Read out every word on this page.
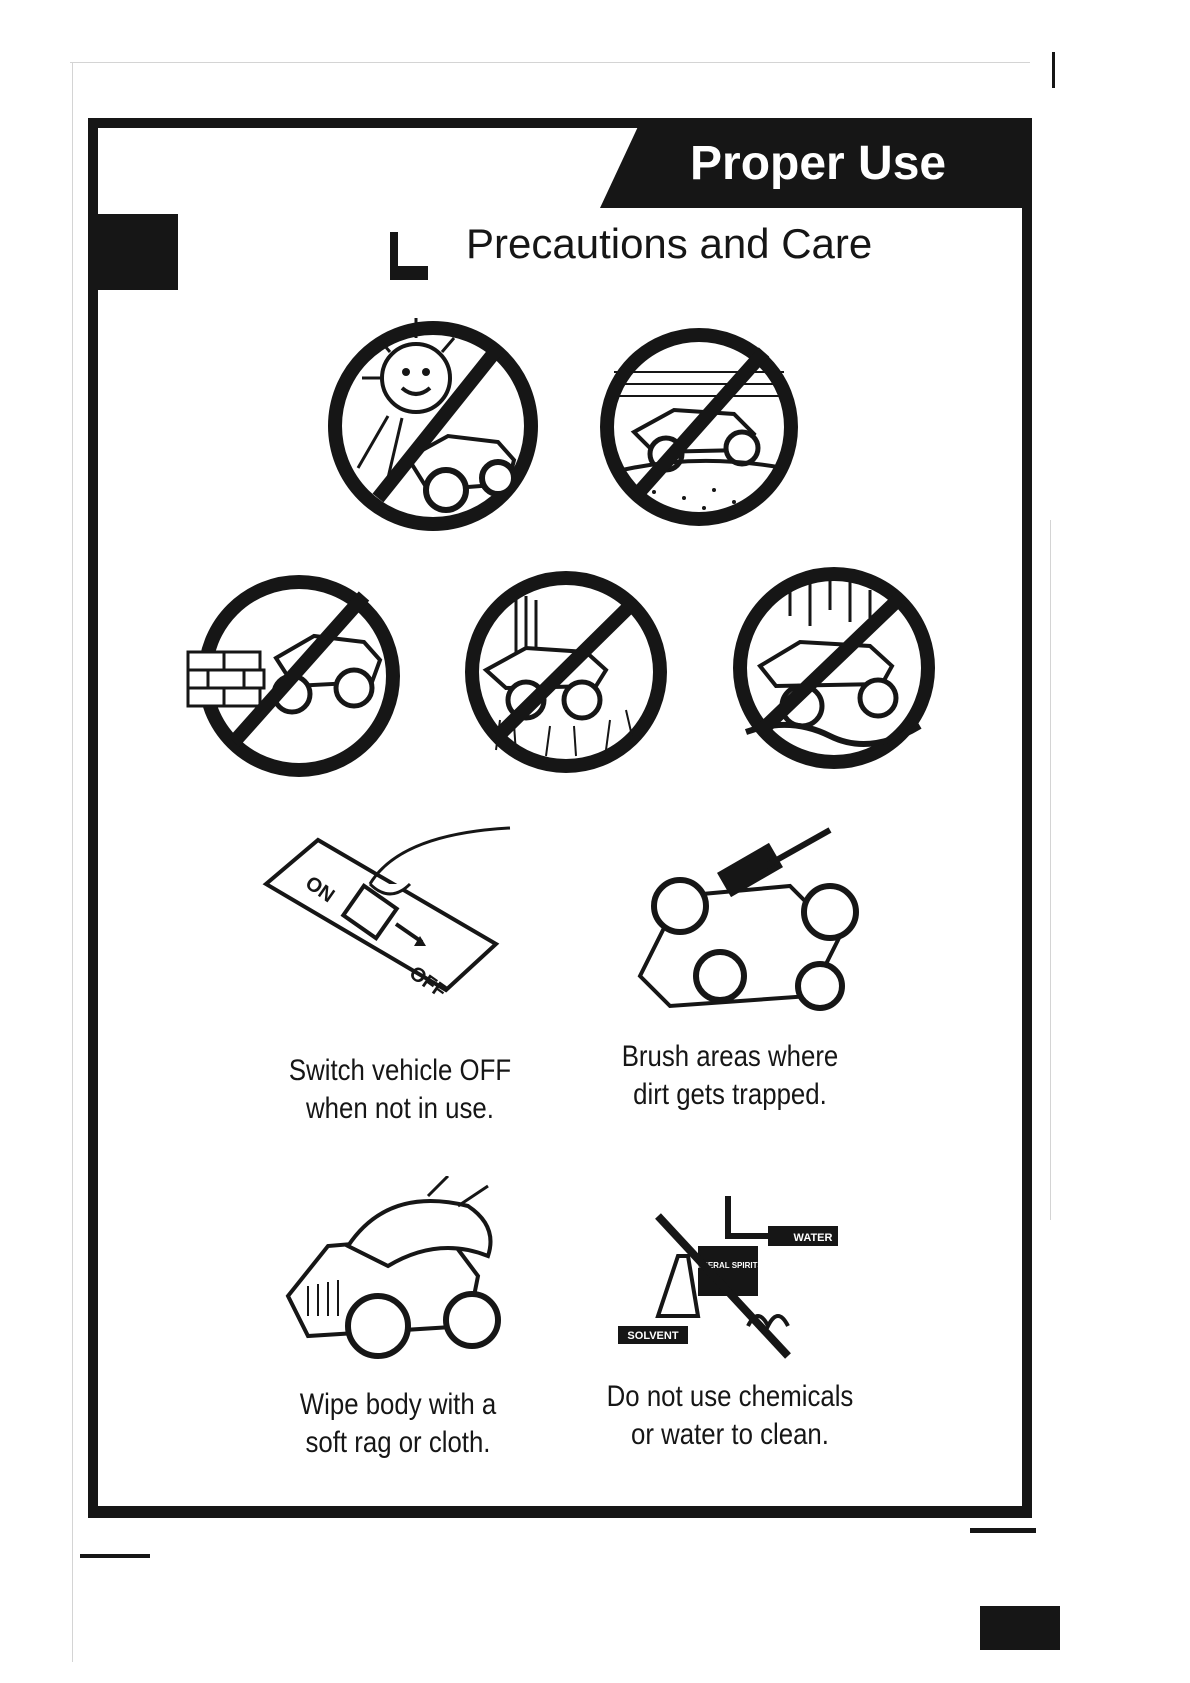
Proper Use
Precautions and Care
ON
OFF
Switch vehicle OFF
when not in use.
Brush areas where
dirt gets trapped.
Wipe body with a
soft rag or cloth.
MINERAL SPIRITS
WATER
SOLVENT
Do not use chemicals
or water to clean.
